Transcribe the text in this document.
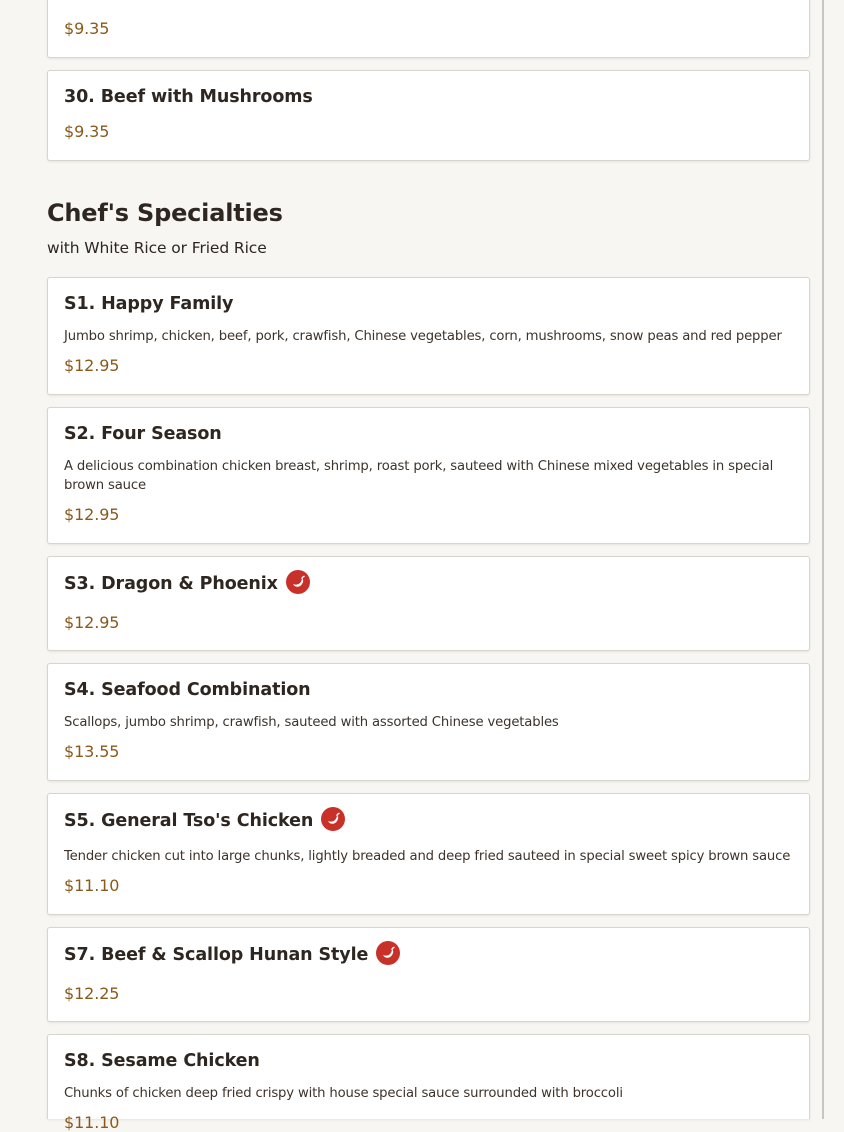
$9.35
30. Beef with Mushrooms
$9.35
Chef's Specialties
with White Rice or Fried Rice
S1. Happy Family
Jumbo shrimp, chicken, beef, pork, crawfish, Chinese vegetables, corn, mushrooms, snow peas and red pepper
$12.95
S2. Four Season
A delicious combination chicken breast, shrimp, roast pork, sauteed with Chinese mixed vegetables in special brown sauce
$12.95
S3. Dragon & Phoenix
$12.95
S4. Seafood Combination
Scallops, jumbo shrimp, crawfish, sauteed with assorted Chinese vegetables
$13.55
S5. General Tso's Chicken
Tender chicken cut into large chunks, lightly breaded and deep fried sauteed in special sweet spicy brown sauce
$11.10
S7. Beef & Scallop Hunan Style
$12.25
S8. Sesame Chicken
Chunks of chicken deep fried crispy with house special sauce surrounded with broccoli
$11.10
